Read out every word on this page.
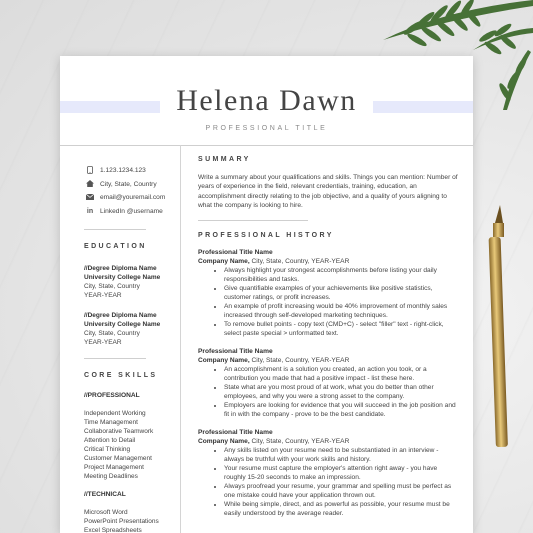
Helena Dawn
PROFESSIONAL TITLE
1.123.1234.123
City, State, Country
email@youremail.com
in	LinkedIn @username
EDUCATION
//Degree Diploma Name
University College Name
City, State, Country
YEAR-YEAR
//Degree Diploma Name
University College Name
City, State, Country
YEAR-YEAR
CORE SKILLS
//PROFESSIONAL
Independent Working
Time Management
Collaborative Teamwork
Attention to Detail
Critical Thinking
Customer Management
Project Management
Meeting Deadlines
//TECHNICAL
Microsoft Word
PowerPoint Presentations
Excel Spreadsheets
SUMMARY
Write a summary about your qualifications and skills. Things you can mention: Number of years of experience in the field, relevant credentials, training, education, an accomplishment directly relating to the job objective, and a quality of yours aligning to what the company is looking to hire.
PROFESSIONAL HISTORY
Professional Title Name
Company Name, City, State, Country, YEAR-YEAR
• Always highlight your strongest accomplishments before listing your daily responsibilities and tasks.
• Give quantifiable examples of your achievements like positive statistics, customer ratings, or profit increases.
• An example of profit increasing would be 40% improvement of monthly sales increased through self-developed marketing techniques.
• To remove bullet points - copy text (CMD+C) - select "filler" text - right-click, select paste special > unformatted text.
Professional Title Name
Company Name, City, State, Country, YEAR-YEAR
• An accomplishment is a solution you created, an action you took, or a contribution you made that had a positive impact - list these here.
• State what are you most proud of at work, what you do better than other employees, and why you were a strong asset to the company.
• Employers are looking for evidence that you will succeed in the job position and fit in with the company - prove to be the best candidate.
Professional Title Name
Company Name, City, State, Country, YEAR-YEAR
• Any skills listed on your resume need to be substantiated in an interview - always be truthful with your work skills and history.
• Your resume must capture the employer's attention right away - you have roughly 15-20 seconds to make an impression.
• Always proofread your resume, your grammar and spelling must be perfect as one mistake could have your application thrown out.
• While being simple, direct, and as powerful as possible, your resume must be easily understood by the average reader.
